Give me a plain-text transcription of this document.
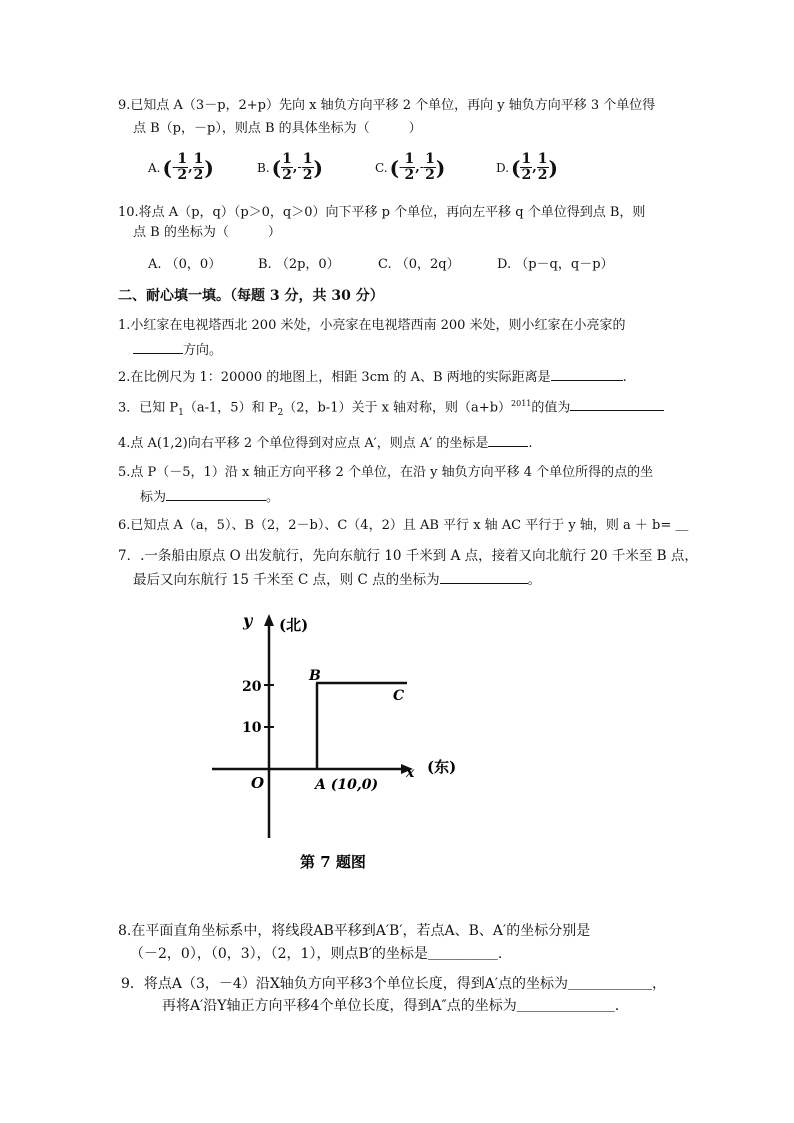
9.已知点 A（3－p，2+p）先向 x 轴负方向平移 2 个单位，再向 y 轴负方向平移 3 个单位得
点 B（p，－p），则点 B 的具体坐标为（　　　）
A. ( - $\frac{1}{2}$ , $\frac{1}{2}$ )	B. ( $\frac{1}{2}$ , - $\frac{1}{2}$ )	C. ( - $\frac{1}{2}$ , - $\frac{1}{2}$ )	D. ( $\frac{1}{2}$ , $\frac{1}{2}$ )
10.将点 A（p，q）（p＞0，q＞0）向下平移 p 个单位，再向左平移 q 个单位得到点 B，则
点 B 的坐标为（　　　）
A. （0，0）	B. （2p，0）	C. （0，2q）	D. （p－q，q－p）
二、耐心填一填。（每题 3 分，共 30 分）
1.小红家在电视塔西北 200 米处，小亮家在电视塔西南 200 米处，则小红家在小亮家的
方向。
2.在比例尺为 1：20000 的地图上，相距 3cm 的 A、B 两地的实际距离是	.
3．已知 $P_1(a-1$，5）和 $P_2(2$，b-1）关于 x 轴对称，则$(a+b)^{2011}$的值为
4.点 A(1,2)向右平移 2 个单位得到对应点 A′，则点 A′ 的坐标是	.
5.点 P（－5，1）沿 x 轴正方向平移 2 个单位，在沿 y 轴负方向平移 4 个单位所得的点的坐
标为	。
6.已知点 A（a，5）、B（2，2－b）、C（4，2）且 AB 平行 x 轴 AC 平行于 y 轴，则 a ＋ b= ＿
7．.一条船由原点 O 出发航行，先向东航行 10 千米到 A 点，接着又向北航行 20 千米至 B 点，
最后又向东航行 15 千米至 C 点，则 C 点的坐标为	。
y (北)
20
10
O
B
C
A (10,0)
x (东)
第 7 题图
8.在平面直角坐标系中，将线段AB平移到A′B′，若点A、B、A′的坐标分别是
（－2，0），（0，3），（2，1），则点B′的坐标是＿＿＿＿＿.
9．将点A（3，－4）沿X轴负方向平移3个单位长度，得到A′点的坐标为＿＿＿＿＿＿，
再将A′沿Y轴正方向平移4个单位长度，得到A″点的坐标为＿＿＿＿＿＿＿.
